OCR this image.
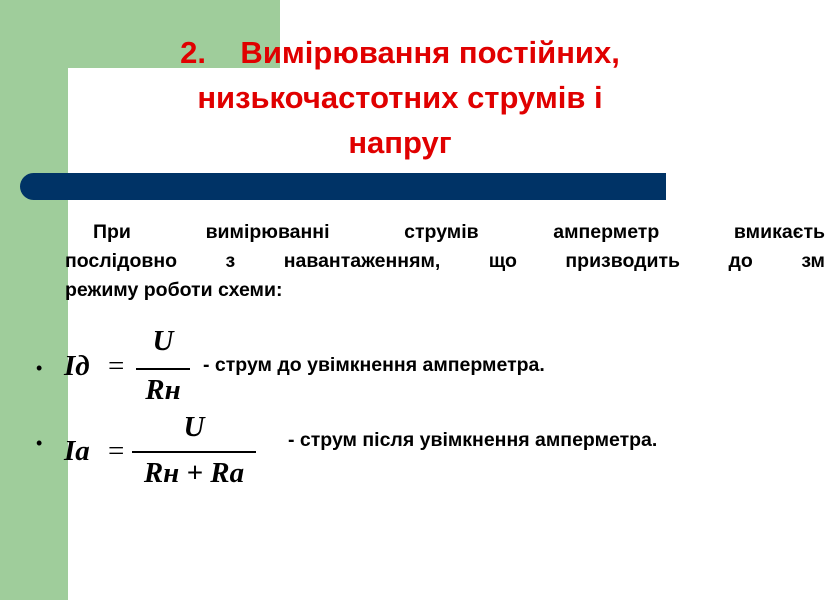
2.    Вимірювання постійних,
низькочастотних струмів і
напруг
При	вимірюванні	струмів	амперметр	вмикаєть
послідовно з навантаженням, що призводить до зм
режиму роботи схеми:
• Iд =
U
Rн
- струм до увімкнення амперметра.
• Ia =
U
Rн + Ra
- струм після увімкнення амперметра.
